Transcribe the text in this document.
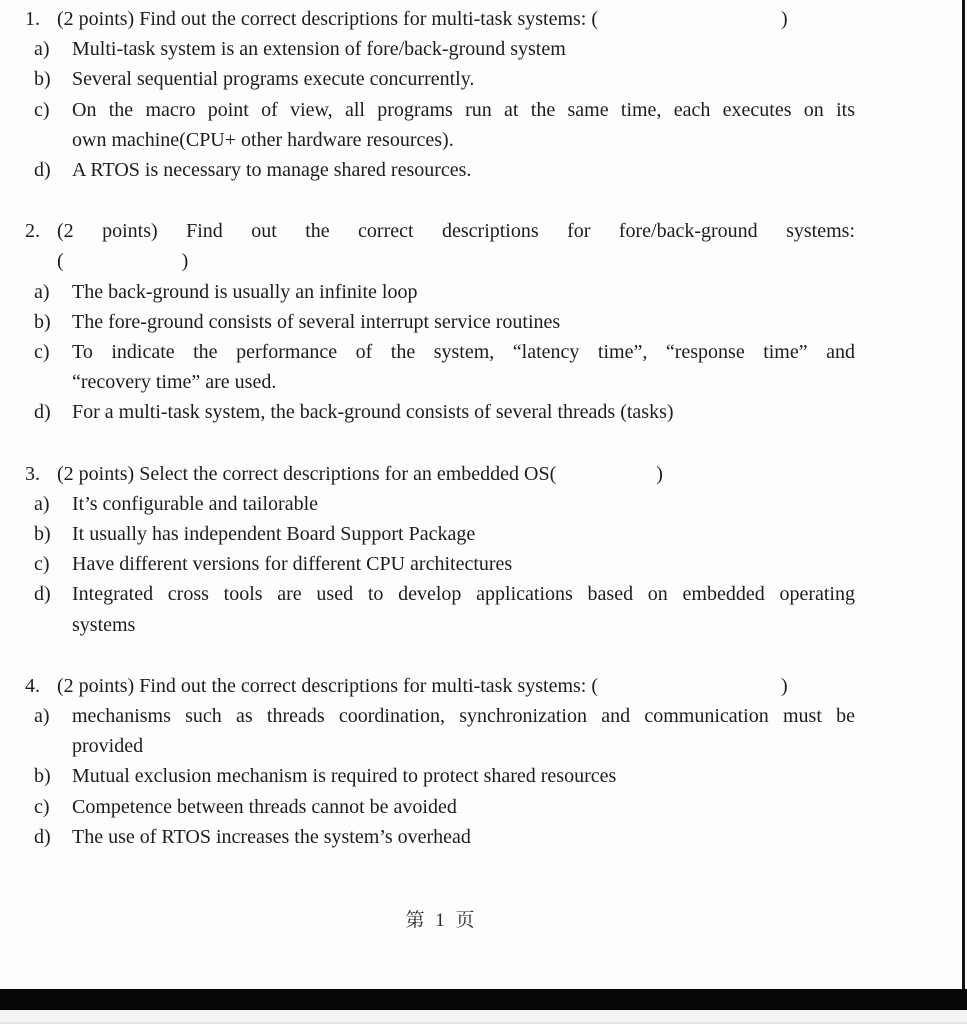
1. (2 points) Find out the correct descriptions for multi-task systems: (	)
a)	Multi-task system is an extension of fore/back-ground system
b)	Several sequential programs execute concurrently.
c)	On the macro point of view, all programs run at the same time, each executes on its
own machine(CPU+ other hardware resources).
d)	A RTOS is necessary to manage shared resources.
2. (2 points) Find out the correct descriptions for fore/back-ground systems:
(	)
a)	The back-ground is usually an infinite loop
b)	The fore-ground consists of several interrupt service routines
c)	To indicate the performance of the system, “latency time”, “response time” and
“recovery time” are used.
d)	For a multi-task system, the back-ground consists of several threads (tasks)
3. (2 points) Select the correct descriptions for an embedded OS(	)
a)	It’s configurable and tailorable
b)	It usually has independent Board Support Package
c)	Have different versions for different CPU architectures
d)	Integrated cross tools are used to develop applications based on embedded operating
systems
4. (2 points) Find out the correct descriptions for multi-task systems: (	)
a)	mechanisms such as threads coordination, synchronization and communication must be
provided
b)	Mutual exclusion mechanism is required to protect shared resources
c)	Competence between threads cannot be avoided
d)	The use of RTOS increases the system’s overhead
第 1 页
